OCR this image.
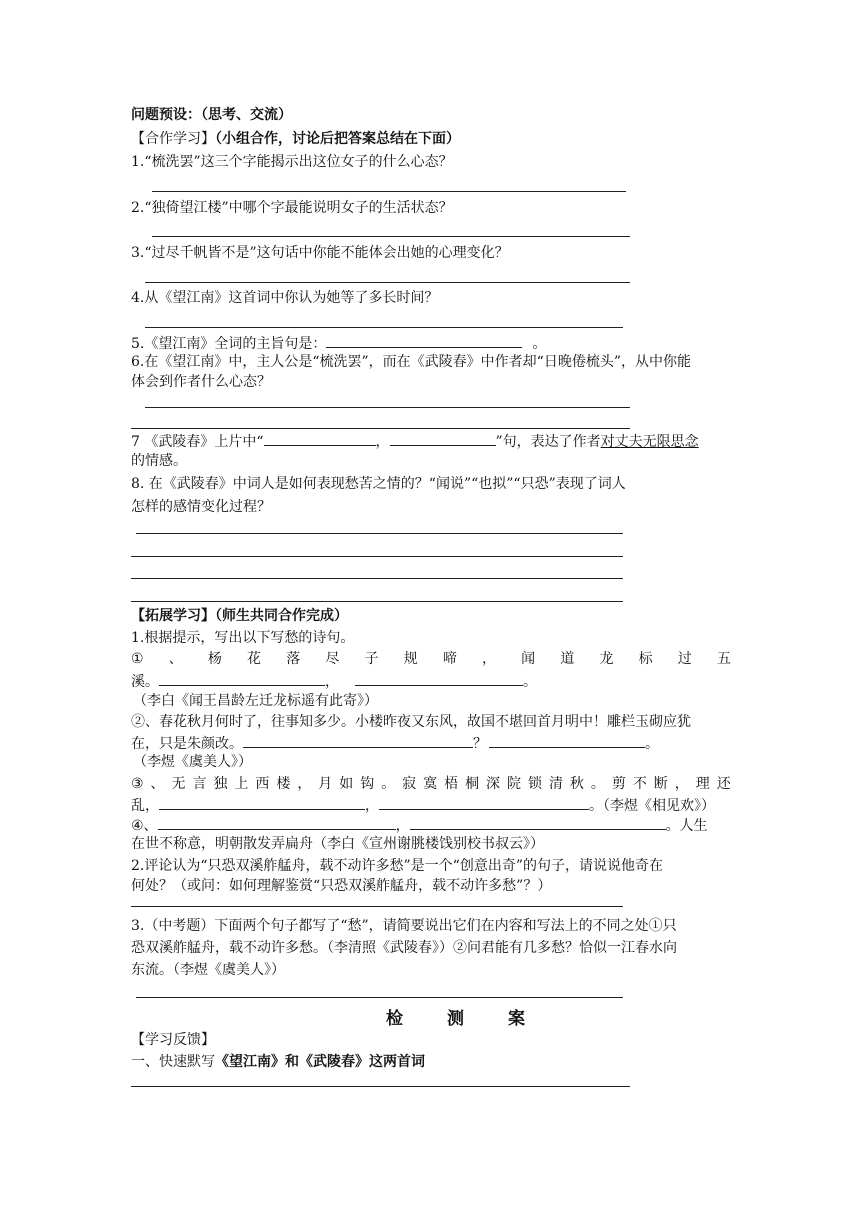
问题预设：（思考、交流）
【合作学习】（小组合作，讨论后把答案总结在下面）
1.“梳洗罢”这三个字能揭示出这位女子的什么心态？
2.“独倚望江楼”中哪个字最能说明女子的生活状态？
3.“过尽千帆皆不是”这句话中你能不能体会出她的心理变化？
4.从《望江南》这首词中你认为她等了多长时间？
5.《望江南》全词的主旨句是：	。
6.在《望江南》中，主人公是“梳洗罢”，而在《武陵春》中作者却“日晚倦梳头”，从中你能
体会到作者什么心态？
7 《武陵春》上片中“	，	”句，表达了作者对丈夫无限思念
的情感。
8. 在《武陵春》中词人是如何表现愁苦之情的？“闻说”“也拟”“只恐”表现了词人
怎样的感情变化过程？
【拓展学习】（师生共同合作完成）
1.根据提示，写出以下写愁的诗句。
① 、 杨 花 落 尽 子 规 啼 ， 闻 道 龙 标 过 五
溪。	，	。
（李白《闻王昌龄左迁龙标遥有此寄》）
②、春花秋月何时了，往事知多少。小楼昨夜又东风，故国不堪回首月明中！雕栏玉砌应犹
在，只是朱颜改。	？	。
（李煜《虞美人》）
③ 、 无 言 独 上 西 楼 ， 月 如 钩 。 寂 寞 梧 桐 深 院 锁 清 秋 。 剪 不 断 ， 理 还
乱，	，	。（李煜《相见欢》）
④、	，	。人生
在世不称意，明朝散发弄扁舟（李白《宣州谢朓楼饯别校书叔云》）
2.评论认为“只恐双溪舴艋舟，载不动许多愁”是一个“创意出奇”的句子，请说说他奇在
何处？（或问：如何理解鉴赏“只恐双溪舴艋舟，载不动许多愁”？）
3.（中考题）下面两个句子都写了“愁”，请简要说出它们在内容和写法上的不同之处①只
恐双溪舴艋舟，载不动许多愁。（李清照《武陵春》）②问君能有几多愁？恰似一江春水向
东流。（李煜《虞美人》）
检	测	案
【学习反馈】
一、快速默写《望江南》和《武陵春》这两首词
